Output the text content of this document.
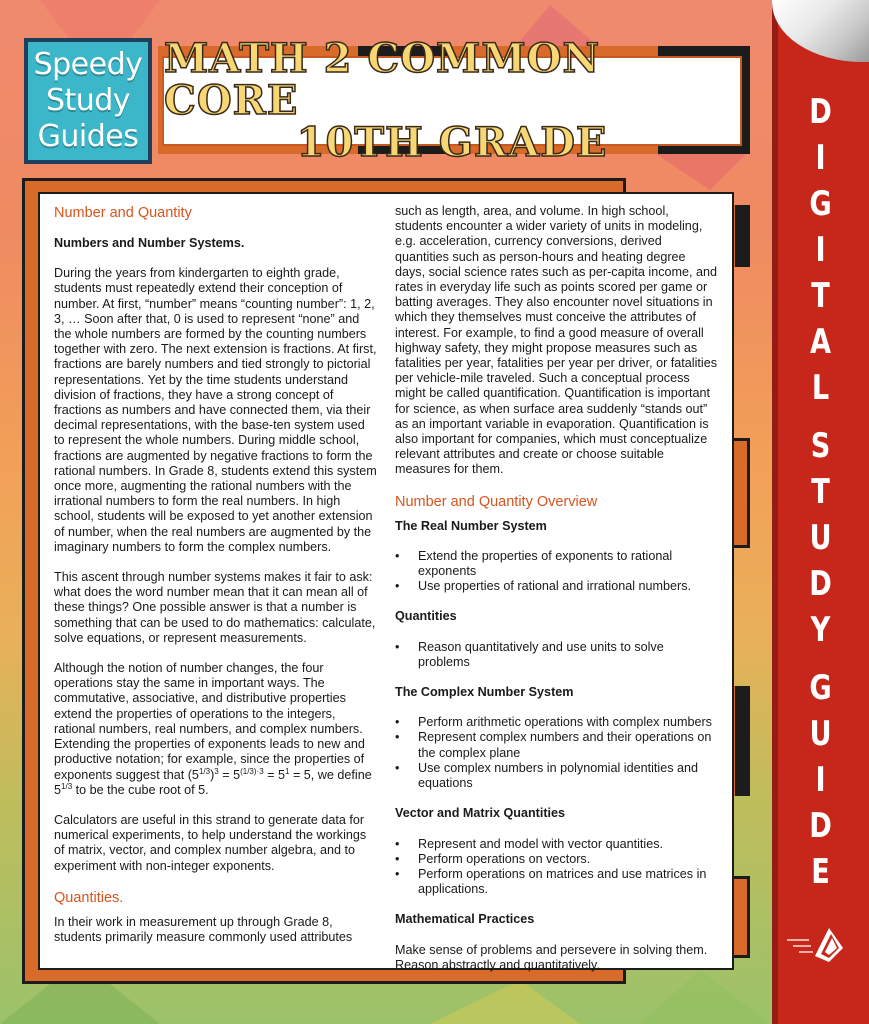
Speedy
Study
Guides
MATH 2 COMMON CORE
10TH GRADE
D
I
G
I
T
A
L
S
T
U
D
Y
G
U
I
D
E

Number and Quantity

Numbers and Number Systems.

During the years from kindergarten to eighth grade, students must repeatedly extend their conception of number. At first, “number” means “counting number”: 1, 2, 3, … Soon after that, 0 is used to represent “none” and the whole numbers are formed by the counting numbers together with zero. The next extension is fractions. At first, fractions are barely numbers and tied strongly to pictorial representations. Yet by the time students understand division of fractions, they have a strong concept of fractions as numbers and have connected them, via their decimal representations, with the base-ten system used to represent the whole numbers. During middle school, fractions are augmented by negative fractions to form the rational numbers. In Grade 8, students extend this system once more, augmenting the rational numbers with the irrational numbers to form the real numbers. In high school, students will be exposed to yet another extension of number, when the real numbers are augmented by the imaginary numbers to form the complex numbers.

This ascent through number systems makes it fair to ask: what does the word number mean that it can mean all of these things? One possible answer is that a number is something that can be used to do mathematics: calculate, solve equations, or represent measurements.

Although the notion of number changes, the four operations stay the same in important ways. The commutative, associative, and distributive properties extend the properties of operations to the integers, rational numbers, real numbers, and complex numbers. Extending the properties of exponents leads to new and productive notation; for example, since the properties of exponents suggest that $(5^{1/3})^3 = 5^{(1/3)\cdot 3} = 5^1 = 5$, we define $5^{1/3}$ to be the cube root of 5.

Calculators are useful in this strand to generate data for numerical experiments, to help understand the workings of matrix, vector, and complex number algebra, and to experiment with non-integer exponents.

Quantities.

In their work in measurement up through Grade 8, students primarily measure commonly used attributes

such as length, area, and volume. In high school, students encounter a wider variety of units in modeling, e.g. acceleration, currency conversions, derived quantities such as person-hours and heating degree days, social science rates such as per-capita income, and rates in everyday life such as points scored per game or batting averages. They also encounter novel situations in which they themselves must conceive the attributes of interest. For example, to find a good measure of overall highway safety, they might propose measures such as fatalities per year, fatalities per year per driver, or fatalities per vehicle-mile traveled. Such a conceptual process might be called quantification. Quantification is important for science, as when surface area suddenly “stands out” as an important variable in evaporation. Quantification is also important for companies, which must conceptualize relevant attributes and create or choose suitable measures for them.

Number and Quantity Overview

The Real Number System

• Extend the properties of exponents to rational exponents
• Use properties of rational and irrational numbers.

Quantities

• Reason quantitatively and use units to solve problems

The Complex Number System

• Perform arithmetic operations with complex numbers
• Represent complex numbers and their operations on the complex plane
• Use complex numbers in polynomial identities and equations

Vector and Matrix Quantities

• Represent and model with vector quantities.
• Perform operations on vectors.
• Perform operations on matrices and use matrices in applications.

Mathematical Practices

Make sense of problems and persevere in solving them. Reason abstractly and quantitatively.
